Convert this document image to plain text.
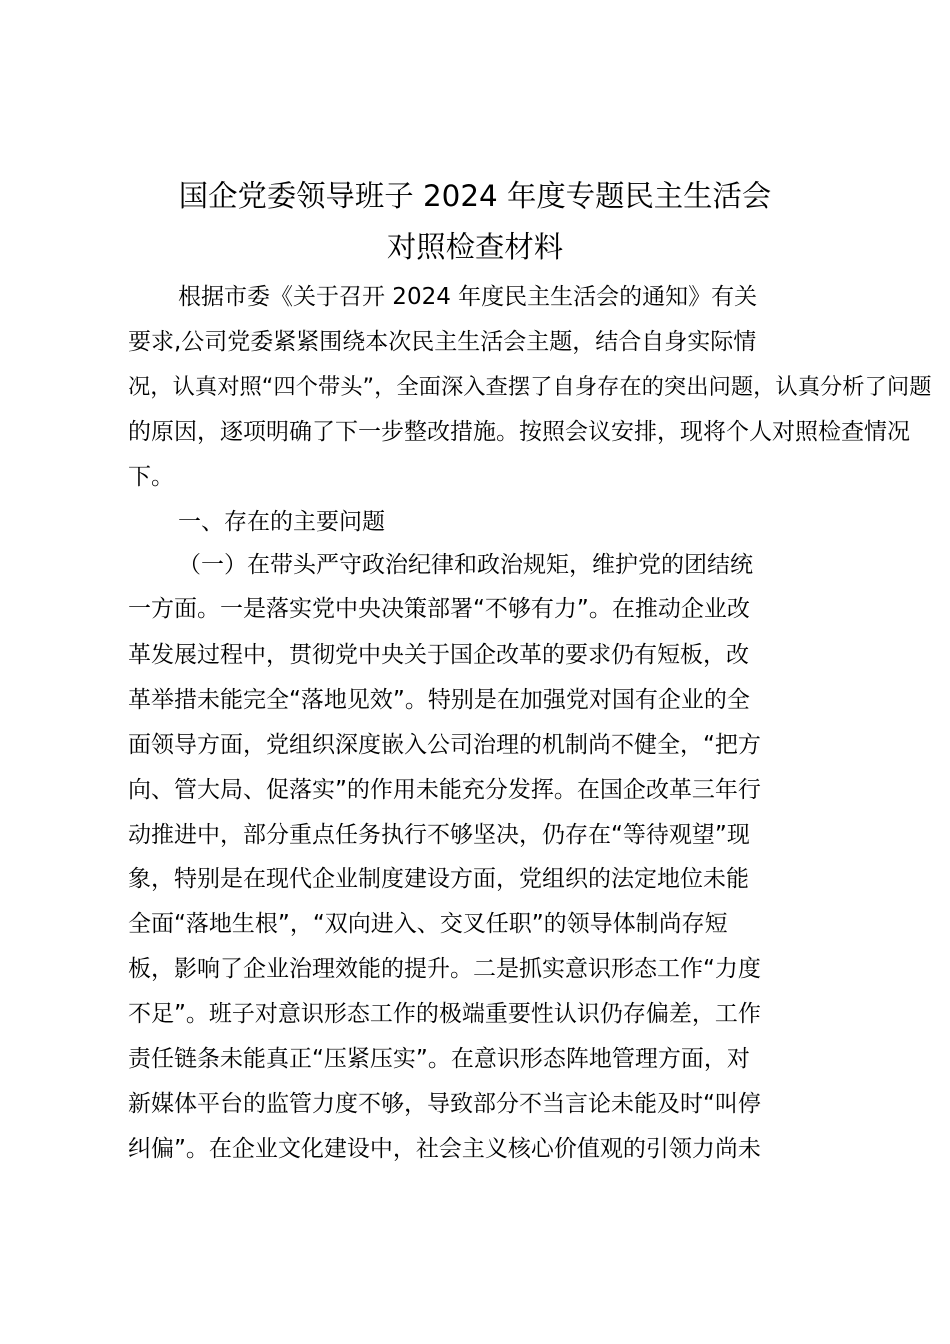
国企党委领导班子 2024 年度专题民主生活会
对照检查材料

根据市委《关于召开 2024 年度民主生活会的通知》有关

要求,公司党委紧紧围绕本次民主生活会主题，结合自身实际情

况，认真对照“四个带头”，全面深入查摆了自身存在的突出问题，认真分析了问题

的原因，逐项明确了下一步整改措施。按照会议安排，现将个人对照检查情况

下。

一、存在的主要问题

（一）在带头严守政治纪律和政治规矩，维护党的团结统

一方面。一是落实党中央决策部署“不够有力”。在推动企业改

革发展过程中，贯彻党中央关于国企改革的要求仍有短板，改

革举措未能完全“落地见效”。特别是在加强党对国有企业的全

面领导方面，党组织深度嵌入公司治理的机制尚不健全，“把方

向、管大局、促落实”的作用未能充分发挥。在国企改革三年行

动推进中，部分重点任务执行不够坚决，仍存在“等待观望”现

象，特别是在现代企业制度建设方面，党组织的法定地位未能

全面“落地生根”，“双向进入、交叉任职”的领导体制尚存短

板，影响了企业治理效能的提升。二是抓实意识形态工作“力度

不足”。班子对意识形态工作的极端重要性认识仍存偏差，工作

责任链条未能真正“压紧压实”。在意识形态阵地管理方面，对

新媒体平台的监管力度不够，导致部分不当言论未能及时“叫停

纠偏”。在企业文化建设中，社会主义核心价值观的引领力尚未
